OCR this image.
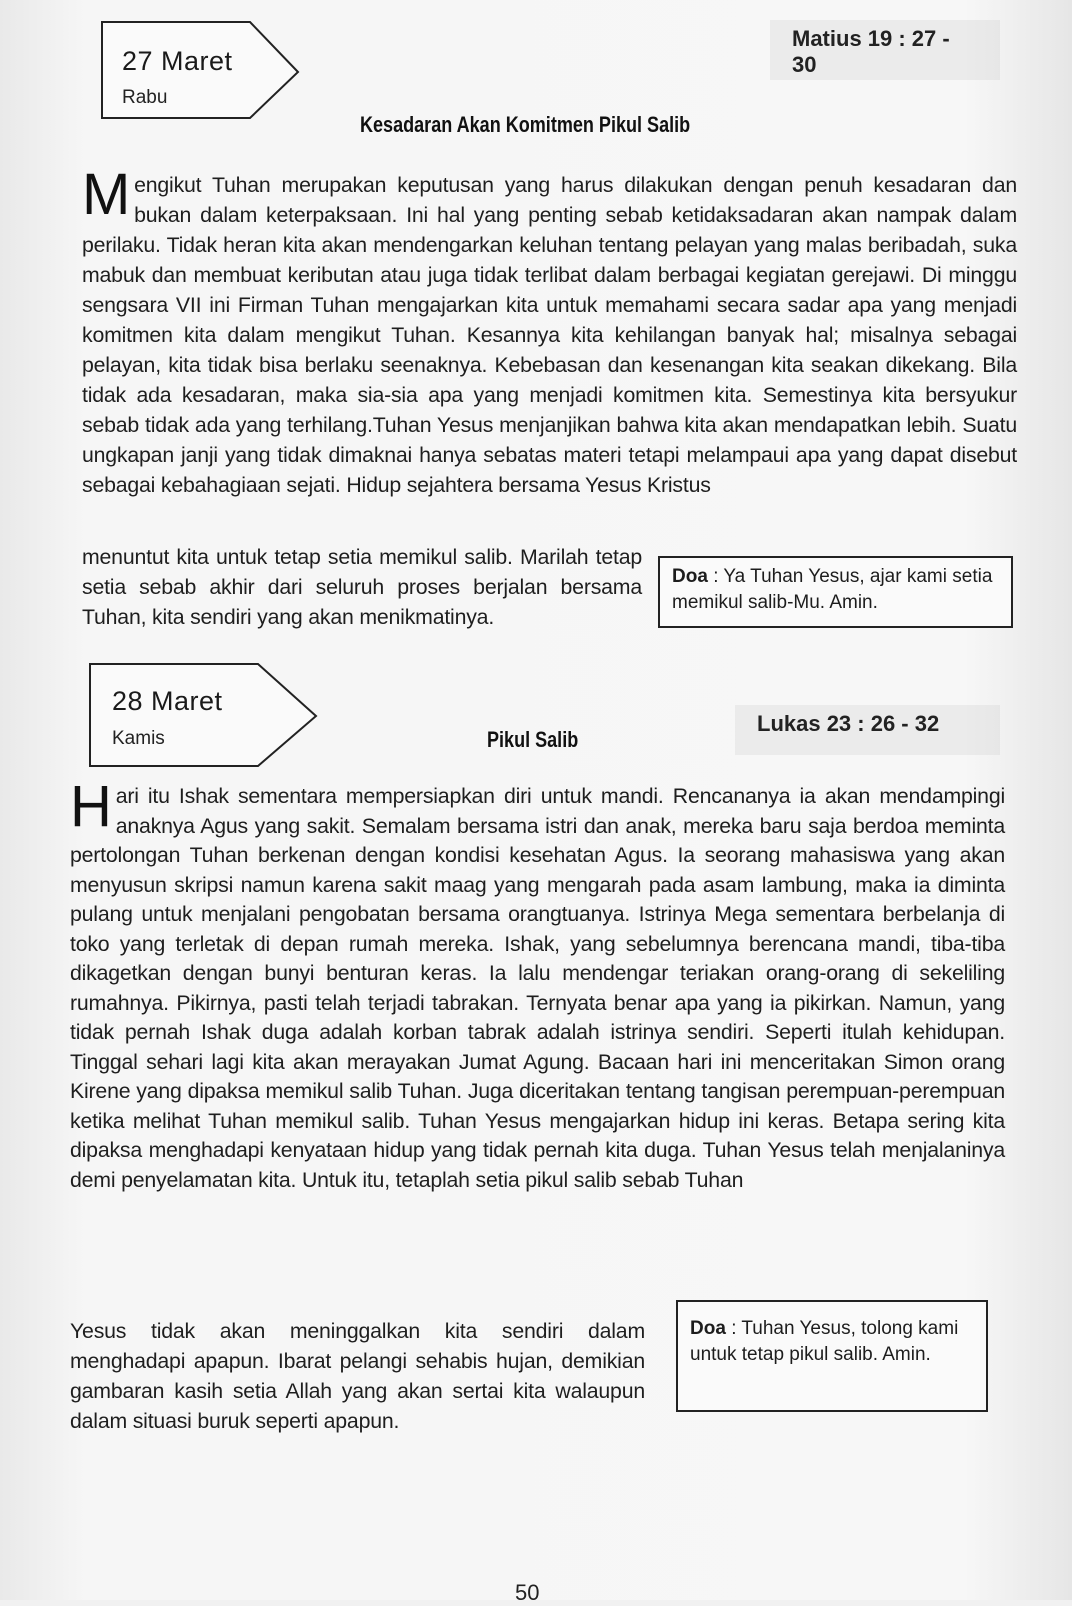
27 Maret
Rabu
Matius 19 : 27 - 30
Kesadaran Akan Komitmen Pikul Salib
M engikut Tuhan merupakan keputusan yang harus dilakukan dengan penuh kesadaran dan bukan dalam keterpaksaan. Ini hal yang penting sebab ketidaksadaran akan nampak dalam perilaku. Tidak heran kita akan mendengarkan keluhan tentang pelayan yang malas beribadah, suka mabuk dan membuat keributan atau juga tidak terlibat dalam berbagai kegiatan gerejawi. Di minggu sengsara VII ini Firman Tuhan mengajarkan kita untuk memahami secara sadar apa yang menjadi komitmen kita dalam mengikut Tuhan. Kesannya kita kehilangan banyak hal; misalnya sebagai pelayan, kita tidak bisa berlaku seenaknya. Kebebasan dan kesenangan kita seakan dikekang. Bila tidak ada kesadaran, maka sia-sia apa yang menjadi komitmen kita. Semestinya kita bersyukur sebab tidak ada yang terhilang.Tuhan Yesus menjanjikan bahwa kita akan mendapatkan lebih. Suatu ungkapan janji yang tidak dimaknai hanya sebatas materi tetapi melampaui apa yang dapat disebut sebagai kebahagiaan sejati. Hidup sejahtera bersama Yesus Kristus
menuntut kita untuk tetap setia memikul salib. Marilah tetap setia sebab akhir dari seluruh proses berjalan bersama Tuhan, kita sendiri yang akan menikmatinya.
Doa : Ya Tuhan Yesus, ajar kami setia memikul salib-Mu. Amin.
28 Maret
Kamis	Pikul Salib
Lukas 23 : 26 - 32
H ari itu Ishak sementara mempersiapkan diri untuk mandi. Rencananya ia akan mendampingi anaknya Agus yang sakit. Semalam bersama istri dan anak, mereka baru saja berdoa meminta pertolongan Tuhan berkenan dengan kondisi kesehatan Agus. Ia seorang mahasiswa yang akan menyusun skripsi namun karena sakit maag yang mengarah pada asam lambung, maka ia diminta pulang untuk menjalani pengobatan bersama orangtuanya. Istrinya Mega sementara berbelanja di toko yang terletak di depan rumah mereka. Ishak, yang sebelumnya berencana mandi, tiba-tiba dikagetkan dengan bunyi benturan keras. Ia lalu mendengar teriakan orang-orang di sekeliling rumahnya. Pikirnya, pasti telah terjadi tabrakan. Ternyata benar apa yang ia pikirkan. Namun, yang tidak pernah Ishak duga adalah korban tabrak adalah istrinya sendiri. Seperti itulah kehidupan. Tinggal sehari lagi kita akan merayakan Jumat Agung. Bacaan hari ini menceritakan Simon orang Kirene yang dipaksa memikul salib Tuhan. Juga diceritakan tentang tangisan perempuan-perempuan ketika melihat Tuhan memikul salib. Tuhan Yesus mengajarkan hidup ini keras. Betapa sering kita dipaksa menghadapi kenyataan hidup yang tidak pernah kita duga. Tuhan Yesus telah menjalaninya demi penyelamatan kita. Untuk itu, tetaplah setia pikul salib sebab Tuhan
Yesus tidak akan meninggalkan kita sendiri dalam menghadapi apapun. Ibarat pelangi sehabis hujan, demikian gambaran kasih setia Allah yang akan sertai kita walaupun dalam situasi buruk seperti apapun.
Doa : Tuhan Yesus, tolong kami untuk tetap pikul salib. Amin.
50
